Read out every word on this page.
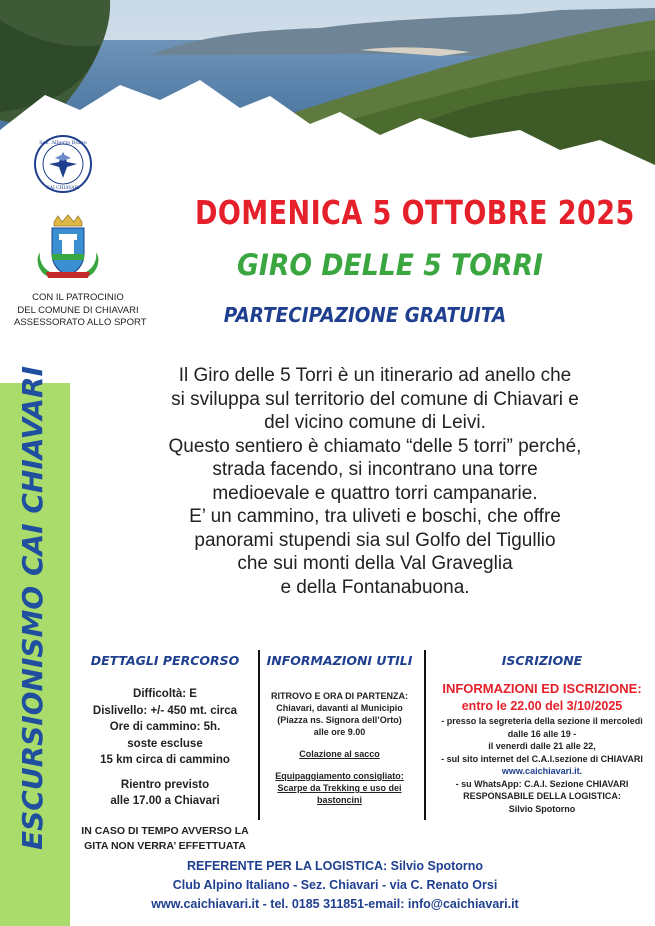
Sez. Alberto Bozzo
CAI CHIAVARI
CON IL PATROCINIO
DEL COMUNE DI CHIAVARI
ASSESSORATO ALLO SPORT
DOMENICA 5 OTTOBRE 2025
GIRO DELLE 5 TORRI
PARTECIPAZIONE GRATUITA
ESCURSIONISMO CAI CHIAVARI	Il Giro delle 5 Torri è un itinerario ad anello che
si sviluppa sul territorio del comune di Chiavari e
del vicino comune di Leivi.
Questo sentiero è chiamato “delle 5 torri” perché,
strada facendo, si incontrano una torre
medioevale e quattro torri campanarie.
E’ un cammino, tra uliveti e boschi, che offre
panorami stupendi sia sul Golfo del Tigullio
che sui monti della Val Graveglia
e della Fontanabuona.
DETTAGLI PERCORSO
Difficoltà: E
Dislivello: +/- 450 mt. circa
Ore di cammino: 5h.
soste escluse
15 km circa di cammino
Rientro previsto
alle 17.00 a Chiavari
IN CASO DI TEMPO AVVERSO LA
GITA NON VERRA’ EFFETTUATA
INFORMAZIONI UTILI
RITROVO E ORA DI PARTENZA:
Chiavari, davanti al Municipio
(Piazza ns. Signora dell’Orto)
alle ore 9.00
Colazione al sacco
Equipaggiamento consigliato:
Scarpe da Trekking e uso dei
bastoncini
ISCRIZIONE
INFORMAZIONI ED ISCRIZIONE:
entro le 22.00 del 3/10/2025
- presso la segreteria della sezione il mercoledì
dalle 16 alle 19 -
il venerdì dalle 21 alle 22,
- sul sito internet del C.A.I.sezione di CHIAVARI
www.caichiavari.it.
- su WhatsApp: C.A.I. Sezione CHIAVARI
RESPONSABILE DELLA LOGISTICA:
Silvio Spotorno
REFERENTE PER LA LOGISTICA: Silvio Spotorno
Club Alpino Italiano - Sez. Chiavari - via C. Renato Orsi
www.caichiavari.it - tel. 0185 311851-email: info@caichiavari.it
